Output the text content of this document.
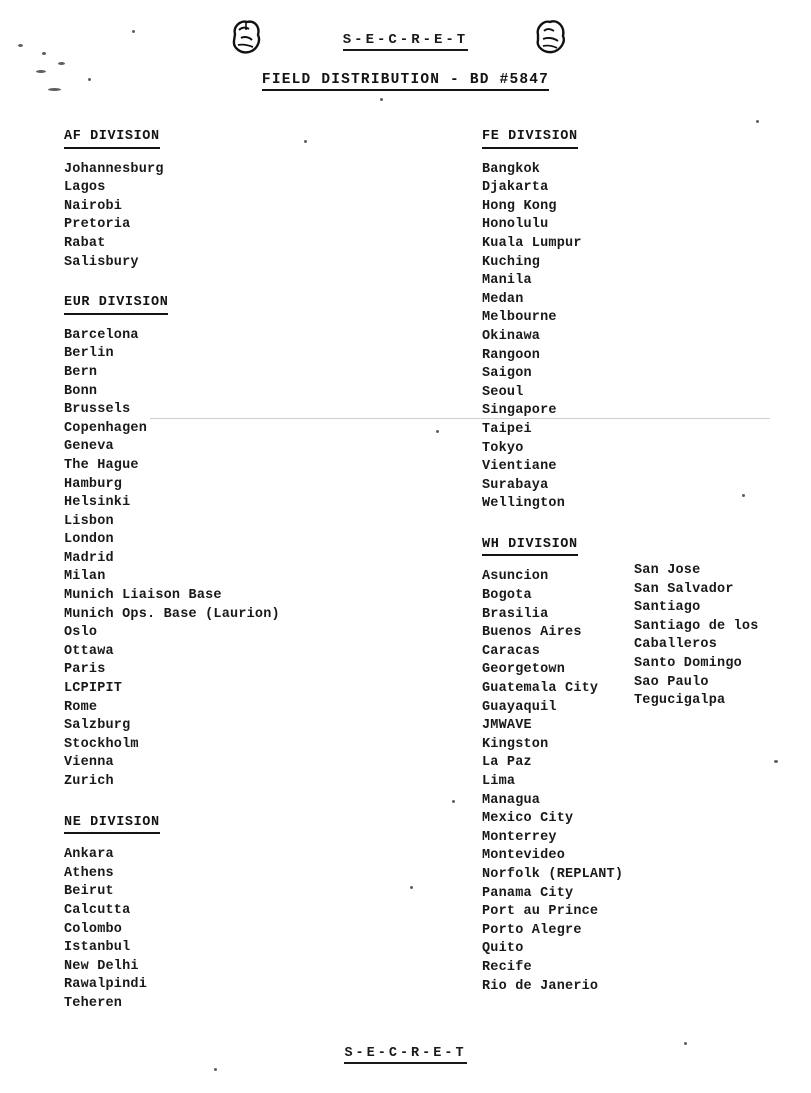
S-E-C-R-E-T
FIELD DISTRIBUTION - BD #5847
AF DIVISION
Johannesburg
Lagos
Nairobi
Pretoria
Rabat
Salisbury
EUR DIVISION
Barcelona
Berlin
Bern
Bonn
Brussels
Copenhagen
Geneva
The Hague
Hamburg
Helsinki
Lisbon
London
Madrid
Milan
Munich Liaison Base
Munich Ops. Base (Laurion)
Oslo
Ottawa
Paris
LCPIPIT
Rome
Salzburg
Stockholm
Vienna
Zurich
NE DIVISION
Ankara
Athens
Beirut
Calcutta
Colombo
Istanbul
New Delhi
Rawalpindi
Teheren
FE DIVISION
Bangkok
Djakarta
Hong Kong
Honolulu
Kuala Lumpur
Kuching
Manila
Medan
Melbourne
Okinawa
Rangoon
Saigon
Seoul
Singapore
Taipei
Tokyo
Vientiane
Surabaya
Wellington
WH DIVISION
Asuncion
Bogota
Brasilia
Buenos Aires
Caracas
Georgetown
Guatemala City
Guayaquil
JMWAVE
Kingston
La Paz
Lima
Managua
Mexico City
Monterrey
Montevideo
Norfolk (REPLANT)
Panama City
Port au Prince
Porto Alegre
Quito
Recife
Rio de Janerio
San Jose
San Salvador
Santiago
Santiago de los
Caballeros
Santo Domingo
Sao Paulo
Tegucigalpa
S-E-C-R-E-T
